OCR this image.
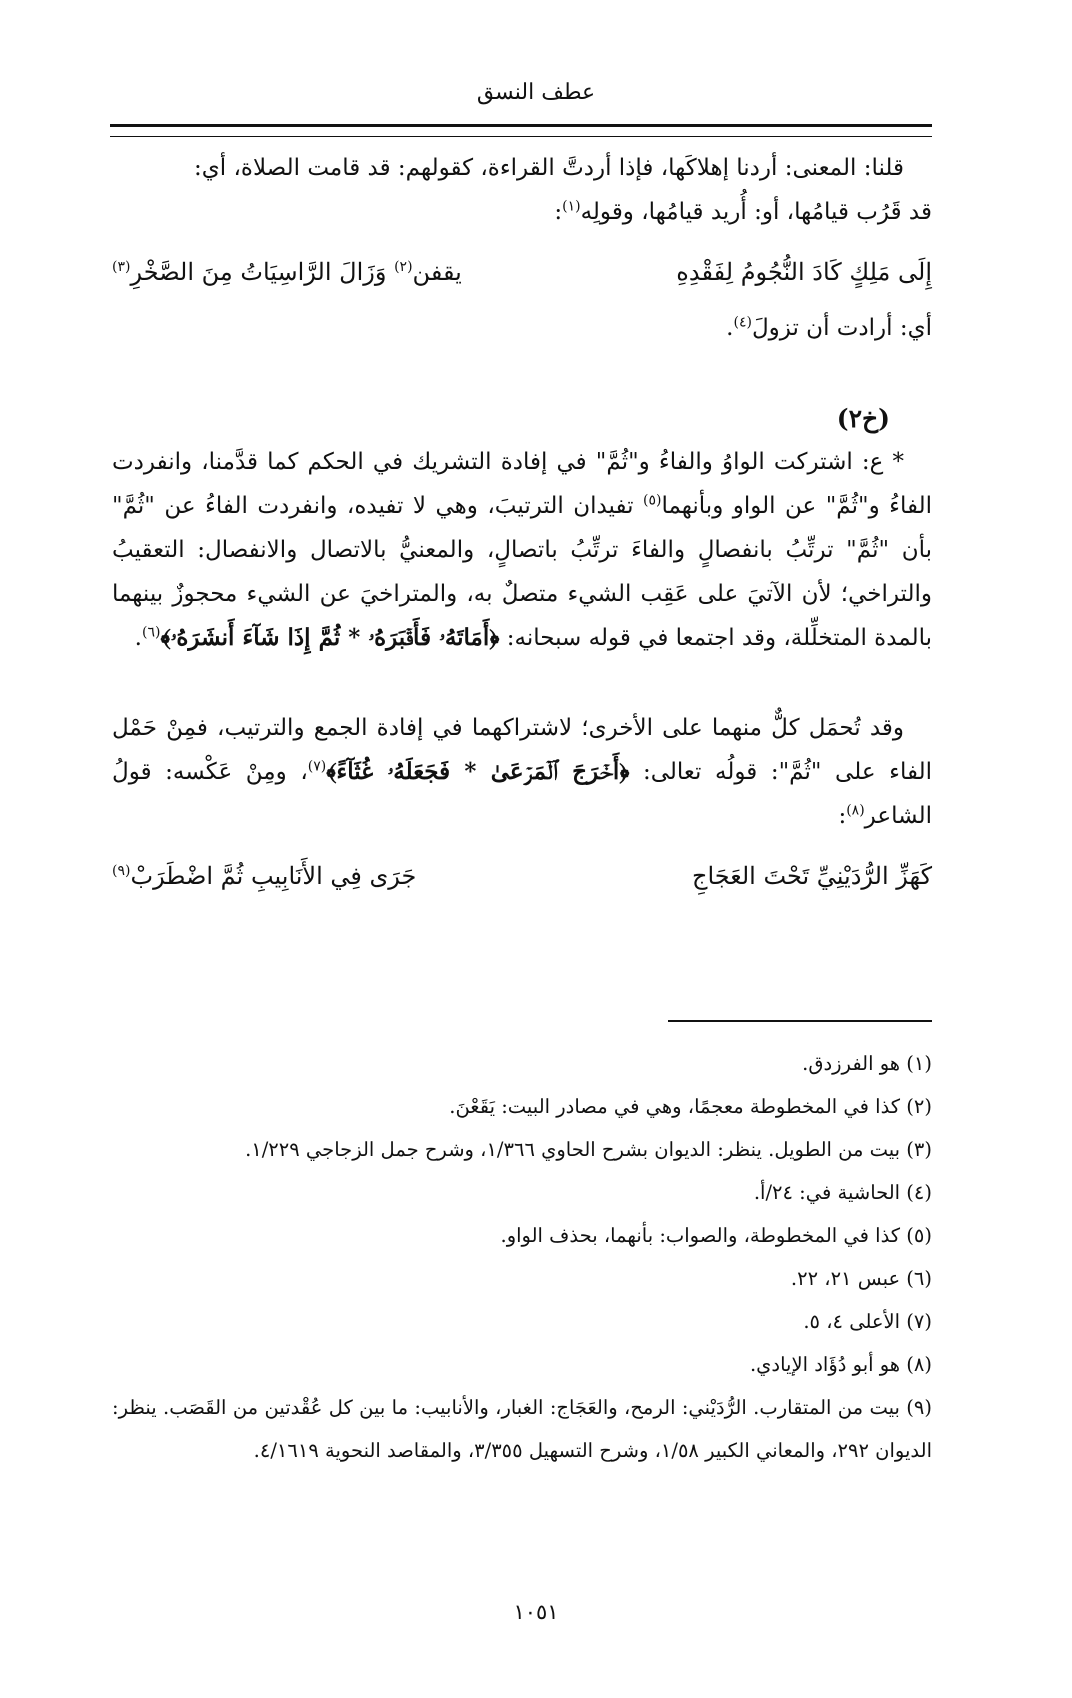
عطف النسق

قلنا: المعنى: أردنا إهلاكَها، فإذا أردتَّ القراءة، كقولهم: قد قامت الصلاة، أي:

قد قَرُب قيامُها، أو: أُريد قيامُها، وقولِه$^{(١)}$:

إِلَى مَلِكٍ كَادَ النُّجُومُ لِفَقْدِهِ
يقفن$^{(٢)}$ وَزَالَ الرَّاسِيَاتُ مِنَ الصَّخْرِ$^{(٣)}$

أي: أرادت أن تزولَ$^{(٤)}$.

(خ٢)

* ع: اشتركت الواوُ والفاءُ و"ثُمَّ" في إفادة التشريك في الحكم كما قدَّمنا، وانفردت الفاءُ و"ثُمَّ" عن الواو وبأنهما$^{(٥)}$ تفيدان الترتيبَ، وهي لا تفيده، وانفردت الفاءُ عن "ثُمَّ" بأن "ثُمَّ" ترتِّبُ بانفصالٍ والفاءَ ترتِّبُ باتصالٍ، والمعنيُّ بالاتصال والانفصال: التعقيبُ والتراخي؛ لأن الآتيَ على عَقِب الشيء متصلٌ به، والمتراخيَ عن الشيء محجوزٌ بينهما بالمدة المتخلِّلة، وقد اجتمعا في قوله سبحانه: ﴿أَمَاتَهُۥ فَأَقۡبَرَهُۥ * ثُمَّ إِذَا شَآءَ أَنشَرَهُۥ﴾$^{(٦)}$.

وقد تُحمَل كلٌّ منهما على الأخرى؛ لاشتراكهما في إفادة الجمع والترتيب، فمِنْ حَمْل الفاء على "ثُمَّ": قولُه تعالى: ﴿أَخۡرَجَ ٱلۡمَرۡعَىٰ * فَجَعَلَهُۥ غُثَآءً﴾$^{(٧)}$، ومِنْ عَكْسه: قولُ الشاعر$^{(٨)}$:

كَهَزِّ الرُّدَيْنِيِّ تَحْتَ العَجَاجِ
جَرَى فِي الأَنَابِيبِ ثُمَّ اضْطَرَبْ$^{(٩)}$

(١) هو الفرزدق.

(٢) كذا في المخطوطة معجمًا، وهي في مصادر البيت: يَقَعْنَ.

(٣) بيت من الطويل. ينظر: الديوان بشرح الحاوي ١/٣٦٦، وشرح جمل الزجاجي ١/٢٢٩.

(٤) الحاشية في: ٢٤/أ.

(٥) كذا في المخطوطة، والصواب: بأنهما، بحذف الواو.

(٦) عبس ٢١، ٢٢.

(٧) الأعلى ٤، ٥.

(٨) هو أبو دُؤَاد الإيادي.

(٩) بيت من المتقارب. الرُّدَيْني: الرمح، والعَجَاج: الغبار، والأنابيب: ما بين كل عُقْدتين من القَصَب. ينظر: الديوان ٢٩٢، والمعاني الكبير ١/٥٨، وشرح التسهيل ٣/٣٥٥، والمقاصد النحوية ٤/١٦١٩.

١٠٥١
